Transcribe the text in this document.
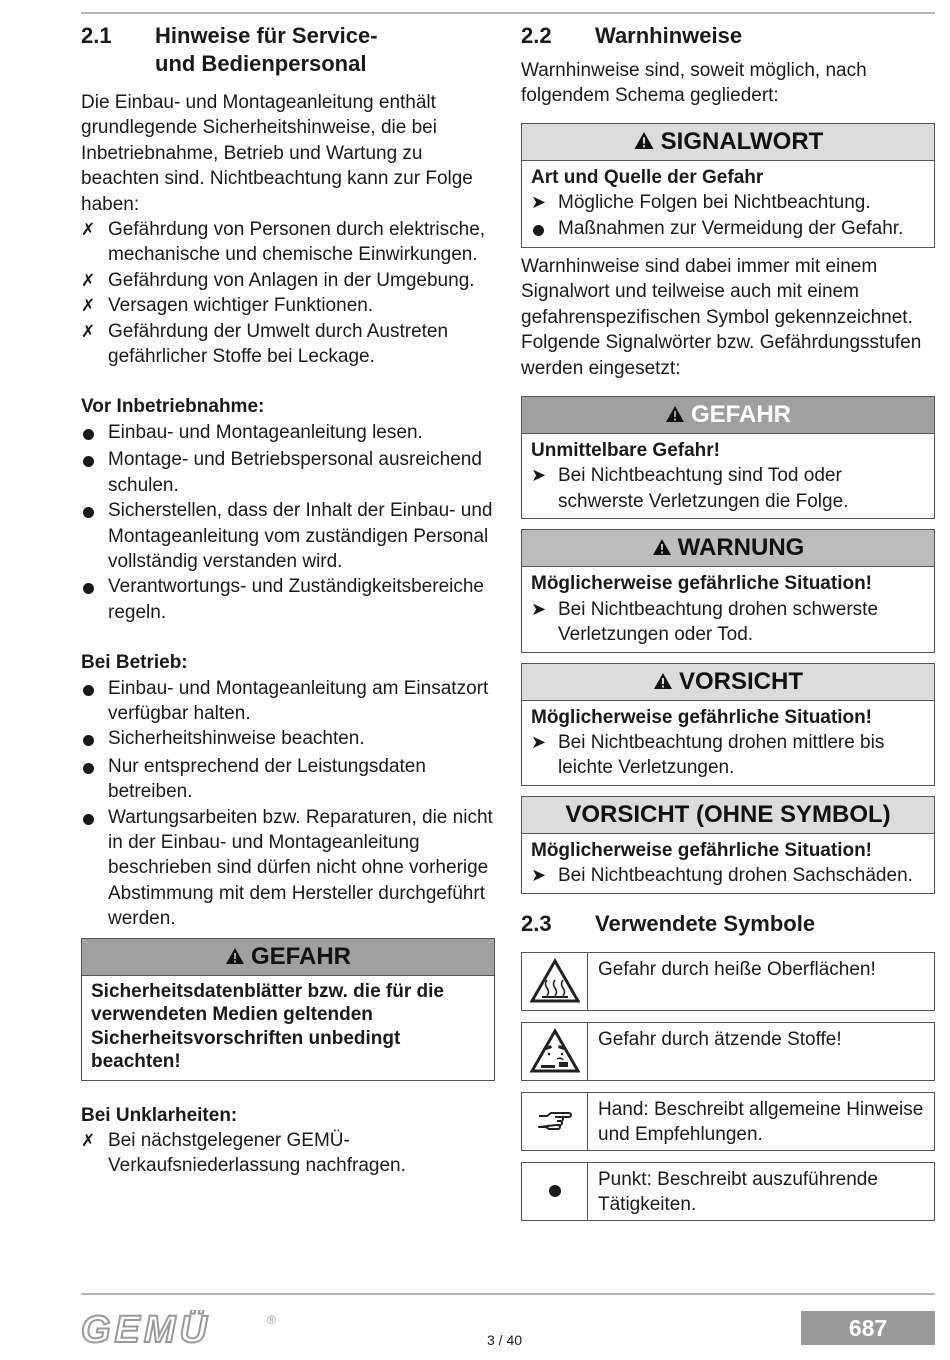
2.1	Hinweise für Service-
und Bedienpersonal

Die Einbau- und Montageanleitung enthält grundlegende Sicherheitshinweise, die bei Inbetriebnahme, Betrieb und Wartung zu beachten sind. Nichtbeachtung kann zur Folge haben:

✗ Gefährdung von Personen durch elektrische, mechanische und chemische Einwirkungen.
✗ Gefährdung von Anlagen in der Umgebung.
✗ Versagen wichtiger Funktionen.
✗ Gefährdung der Umwelt durch Austreten gefährlicher Stoffe bei Leckage.
Vor Inbetriebnahme:
Einbau- und Montageanleitung lesen.
Montage- und Betriebspersonal ausreichend schulen.
Sicherstellen, dass der Inhalt der Einbau- und Montageanleitung vom zuständigen Personal vollständig verstanden wird.
Verantwortungs- und Zuständigkeitsbereiche regeln.
Bei Betrieb:
Einbau- und Montageanleitung am Einsatzort verfügbar halten.
Sicherheitshinweise beachten.
Nur entsprechend der Leistungsdaten betreiben.
Wartungsarbeiten bzw. Reparaturen, die nicht in der Einbau- und Montageanleitung beschrieben sind dürfen nicht ohne vorherige Abstimmung mit dem Hersteller durchgeführt werden.
GEFAHR
Sicherheitsdatenblätter bzw. die für die verwendeten Medien geltenden Sicherheitsvorschriften unbedingt beachten!
Bei Unklarheiten:
✗ Bei nächstgelegener GEMÜ-Verkaufsniederlassung nachfragen.
2.2	Warnhinweise

Warnhinweise sind, soweit möglich, nach folgendem Schema gegliedert:

SIGNALWORT
Art und Quelle der Gefahr
➤ Mögliche Folgen bei Nichtbeachtung.
Maßnahmen zur Vermeidung der Gefahr.

Warnhinweise sind dabei immer mit einem Signalwort und teilweise auch mit einem gefahrenspezifischen Symbol gekennzeichnet.
Folgende Signalwörter bzw. Gefährdungsstufen werden eingesetzt:

GEFAHR
Unmittelbare Gefahr!
➤ Bei Nichtbeachtung sind Tod oder schwerste Verletzungen die Folge.
WARNUNG
Möglicherweise gefährliche Situation!
➤ Bei Nichtbeachtung drohen schwerste Verletzungen oder Tod.
VORSICHT
Möglicherweise gefährliche Situation!
➤ Bei Nichtbeachtung drohen mittlere bis leichte Verletzungen.
VORSICHT (OHNE SYMBOL)
Möglicherweise gefährliche Situation!
➤ Bei Nichtbeachtung drohen Sachschäden.
2.3	Verwendete Symbole
Gefahr durch heiße Oberflächen!
Gefahr durch ätzende Stoffe!
Hand: Beschreibt allgemeine Hinweise und Empfehlungen.
Punkt: Beschreibt auszuführende Tätigkeiten.
GEMÜ	®
3 / 40	687
